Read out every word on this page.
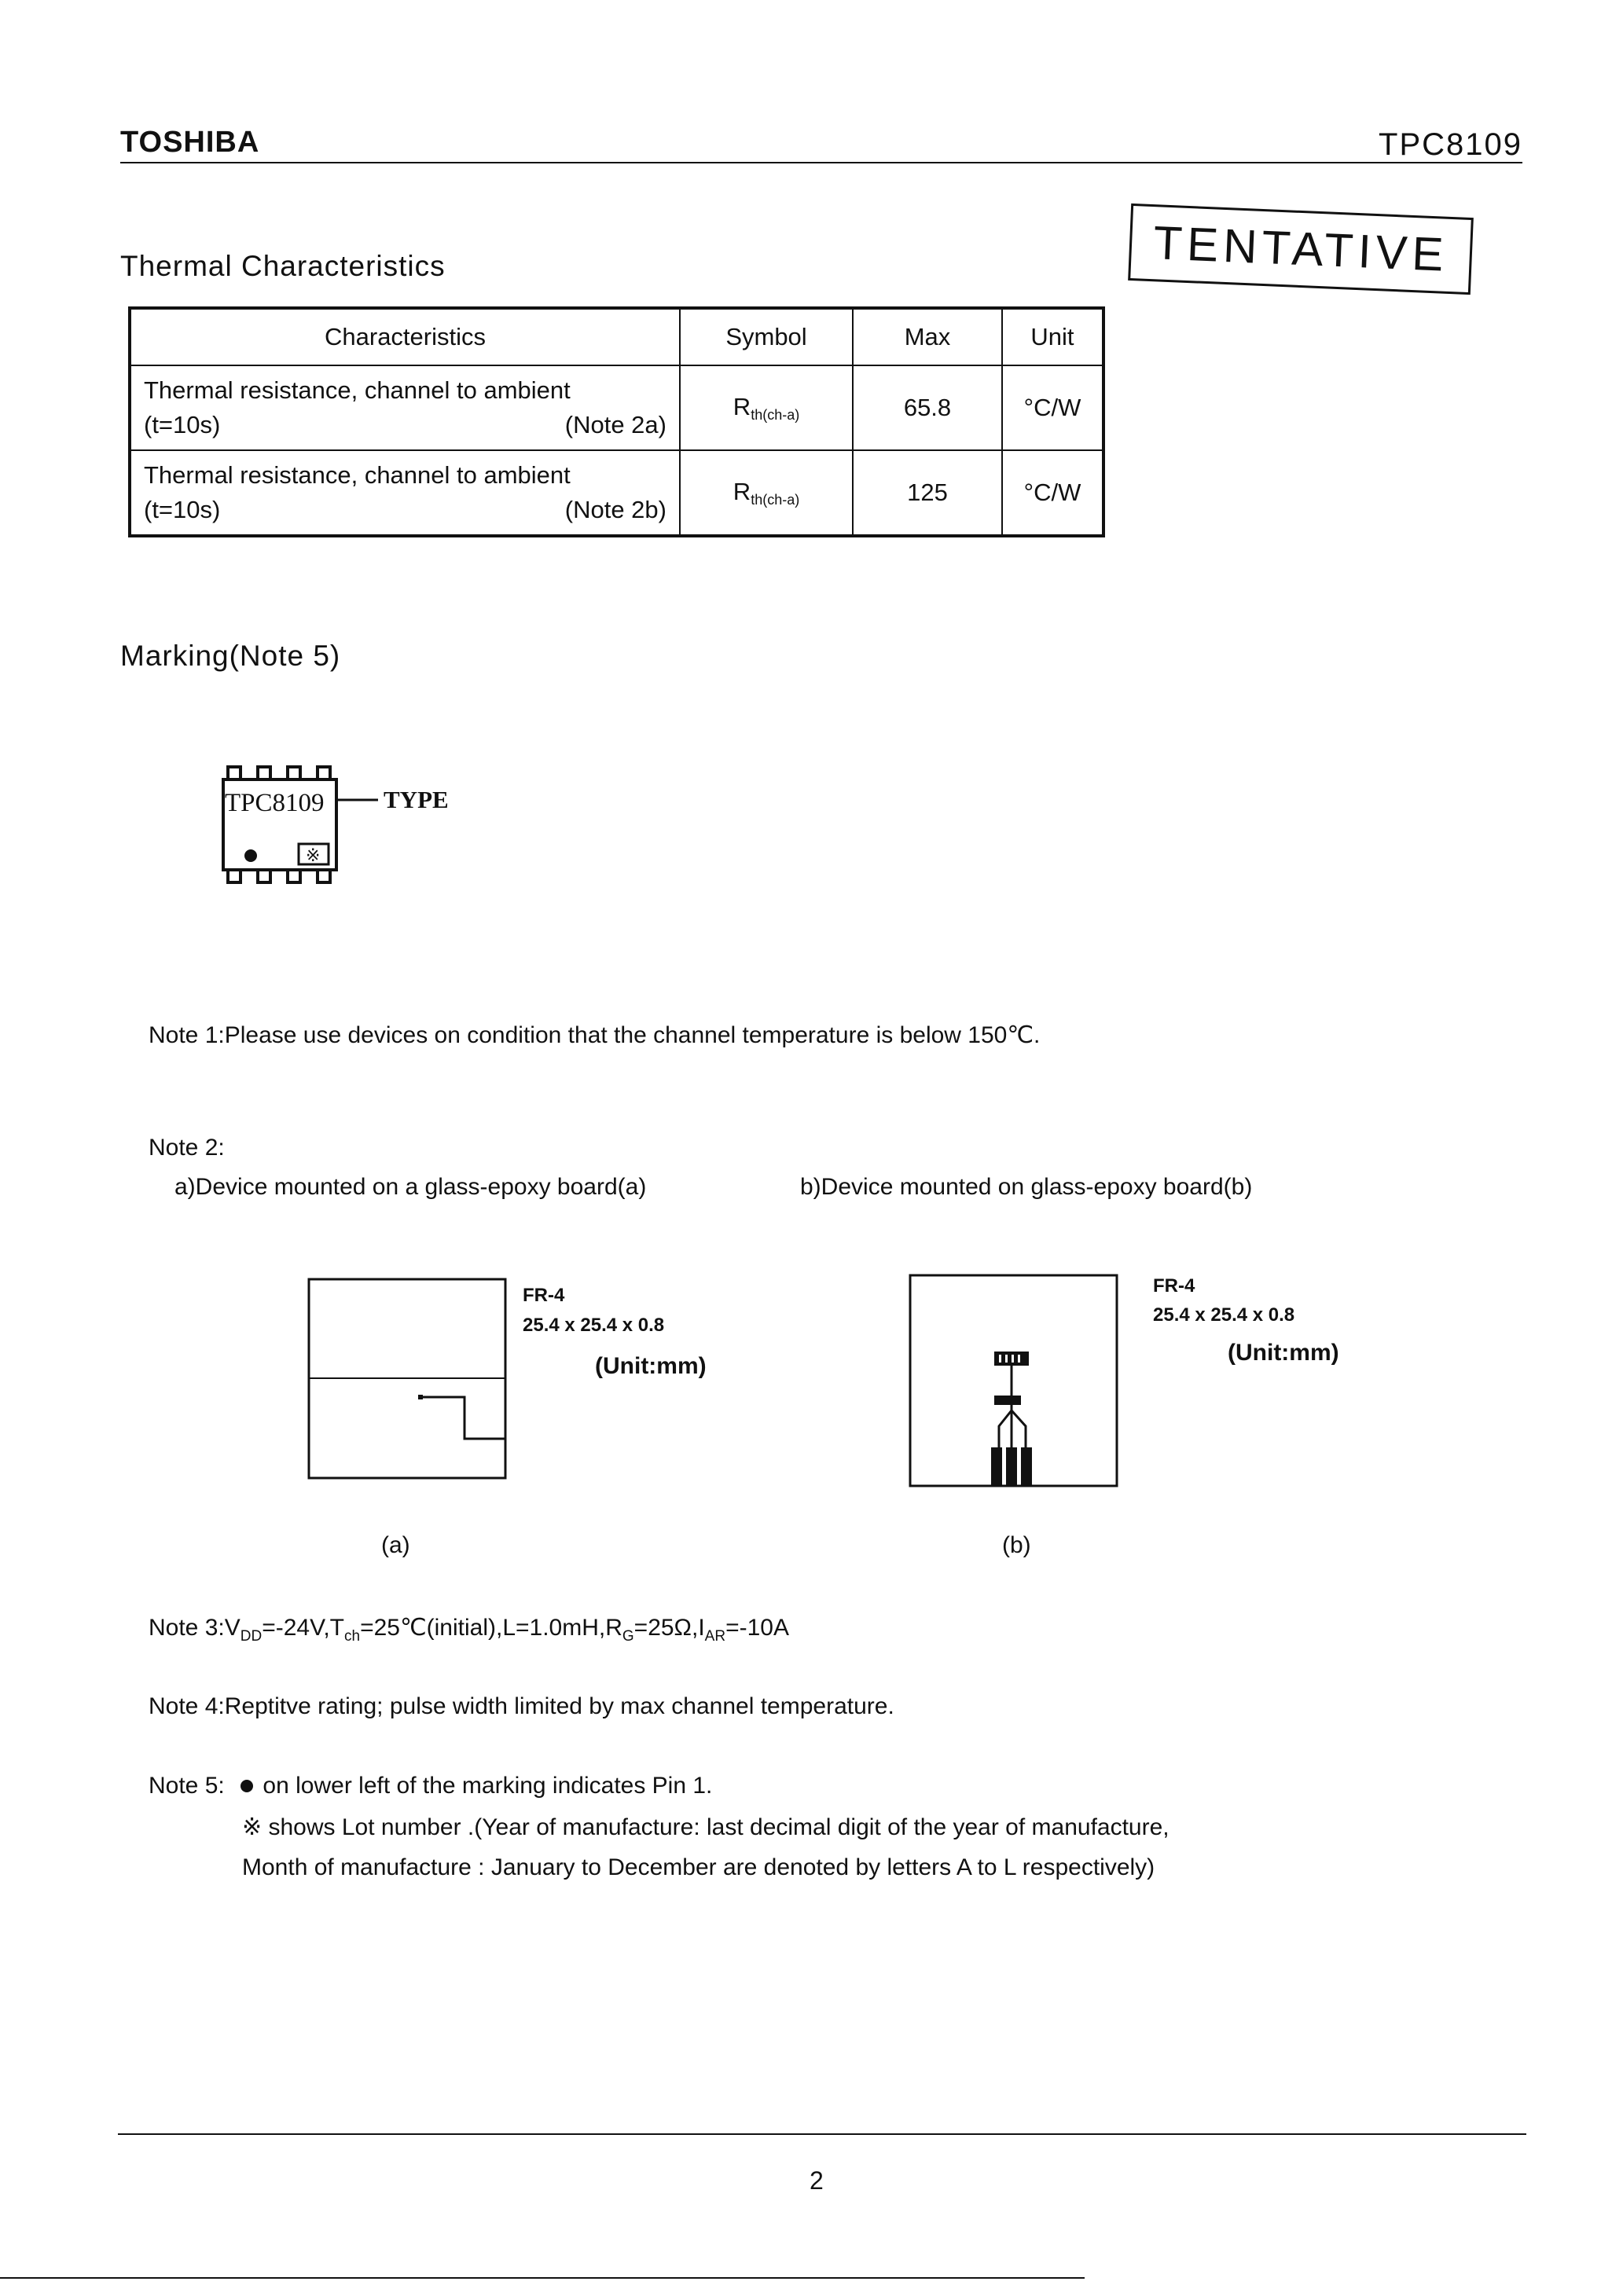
TOSHIBA	TPC8109
TENTATIVE
Thermal Characteristics
Characteristics	Symbol	Max	Unit

Thermal resistance, channel to ambient
(t=10s) (Note 2a)	$R_{th(ch-a)}$	65.8	°C/W

Thermal resistance, channel to ambient
(t=10s) (Note 2b)	$R_{th(ch-a)}$	125	°C/W
Marking(Note 5)
TPC8109 TYPE
※
Note 1:Please use devices on condition that the channel temperature is below 150℃.
Note 2:
a)Device mounted on a glass-epoxy board(a)	b)Device mounted on glass-epoxy board(b)
FR-4
25.4 x 25.4 x 0.8
(Unit:mm)
(a)
FR-4
25.4 x 25.4 x 0.8
(Unit:mm)
(b)
Note $3:V_{DD}=-24V,T_{ch}=25℃(initial),L=1.0mH,R_G=25\Omega,I_{AR}=-10A$
Note 4:Reptitve rating; pulse width limited by max channel temperature.
Note 5: on lower left of the marking indicates Pin 1.
※ shows Lot number .(Year of manufacture: last decimal digit of the year of manufacture,
Month of manufacture : January to December are denoted by letters A to L respectively)
2
